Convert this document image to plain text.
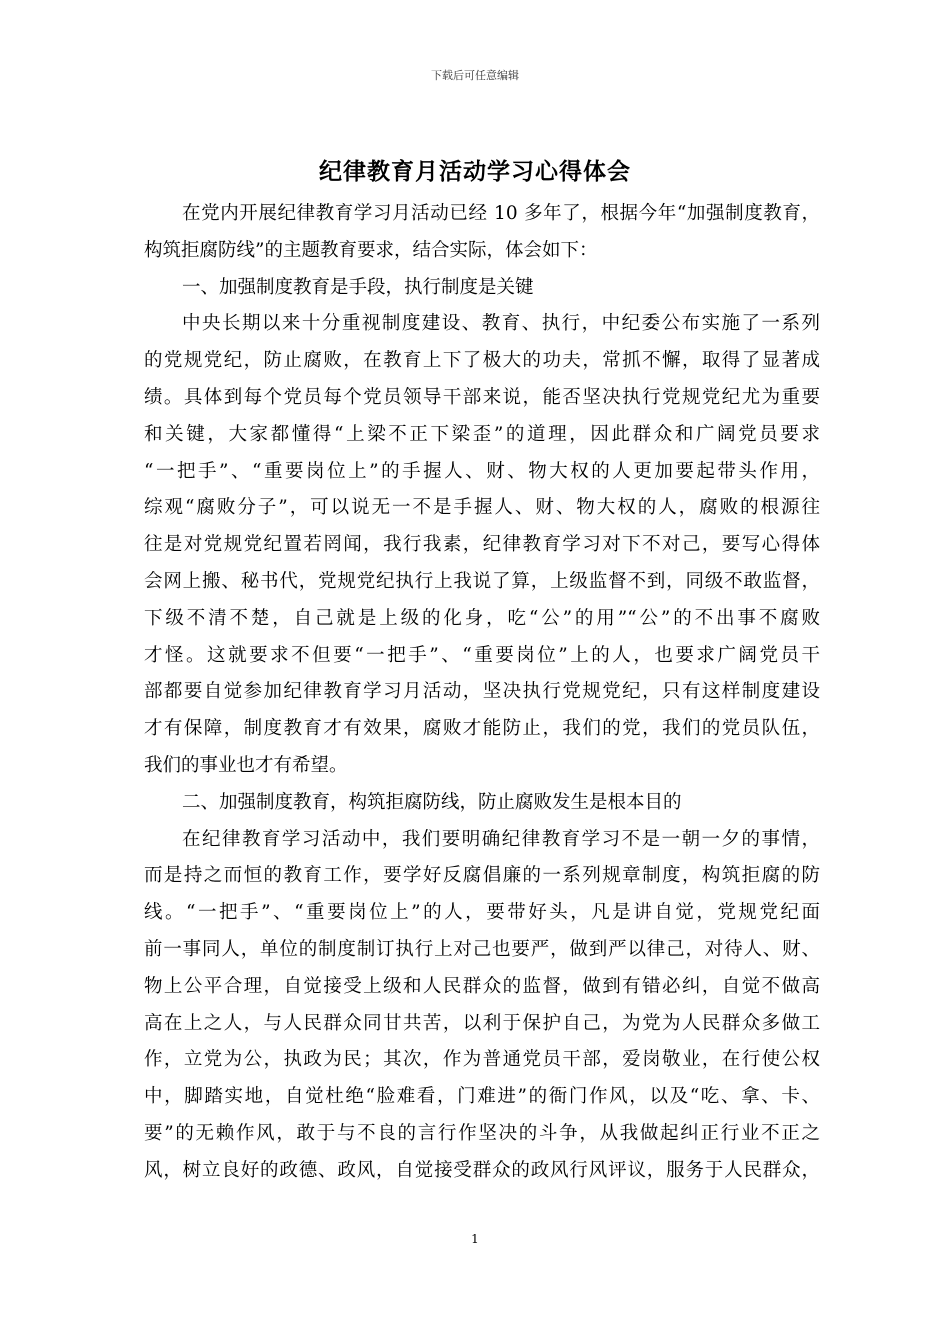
下载后可任意编辑
纪律教育月活动学习心得体会
在党内开展纪律教育学习月活动已经 10 多年了，根据今年“加强制度教育，
构筑拒腐防线”的主题教育要求，结合实际，体会如下：
一、加强制度教育是手段，执行制度是关键
中央长期以来十分重视制度建设、教育、执行，中纪委公布实施了一系列
的党规党纪，防止腐败，在教育上下了极大的功夫，常抓不懈，取得了显著成
绩。具体到每个党员每个党员领导干部来说，能否坚决执行党规党纪尤为重要
和关键，大家都懂得“上梁不正下梁歪”的道理，因此群众和广阔党员要求
“一把手”、“重要岗位上”的手握人、财、物大权的人更加要起带头作用，
综观“腐败分子”，可以说无一不是手握人、财、物大权的人，腐败的根源往
往是对党规党纪置若罔闻，我行我素，纪律教育学习对下不对己，要写心得体
会网上搬、秘书代，党规党纪执行上我说了算，上级监督不到，同级不敢监督，
下级不清不楚，自己就是上级的化身，吃“公”的用”“公”的不出事不腐败
才怪。这就要求不但要“一把手”、“重要岗位”上的人，也要求广阔党员干
部都要自觉参加纪律教育学习月活动，坚决执行党规党纪，只有这样制度建设
才有保障，制度教育才有效果，腐败才能防止，我们的党，我们的党员队伍，
我们的事业也才有希望。
二、加强制度教育，构筑拒腐防线，防止腐败发生是根本目的
在纪律教育学习活动中，我们要明确纪律教育学习不是一朝一夕的事情，
而是持之而恒的教育工作，要学好反腐倡廉的一系列规章制度，构筑拒腐的防
线。“一把手”、“重要岗位上”的人，要带好头，凡是讲自觉，党规党纪面
前一事同人，单位的制度制订执行上对己也要严，做到严以律己，对待人、财、
物上公平合理，自觉接受上级和人民群众的监督，做到有错必纠，自觉不做高
高在上之人，与人民群众同甘共苦，以利于保护自己，为党为人民群众多做工
作，立党为公，执政为民；其次，作为普通党员干部，爱岗敬业，在行使公权
中，脚踏实地，自觉杜绝“脸难看，门难进”的衙门作风，以及“吃、拿、卡、
要”的无赖作风，敢于与不良的言行作坚决的斗争，从我做起纠正行业不正之
风，树立良好的政德、政风，自觉接受群众的政风行风评议，服务于人民群众，
1
